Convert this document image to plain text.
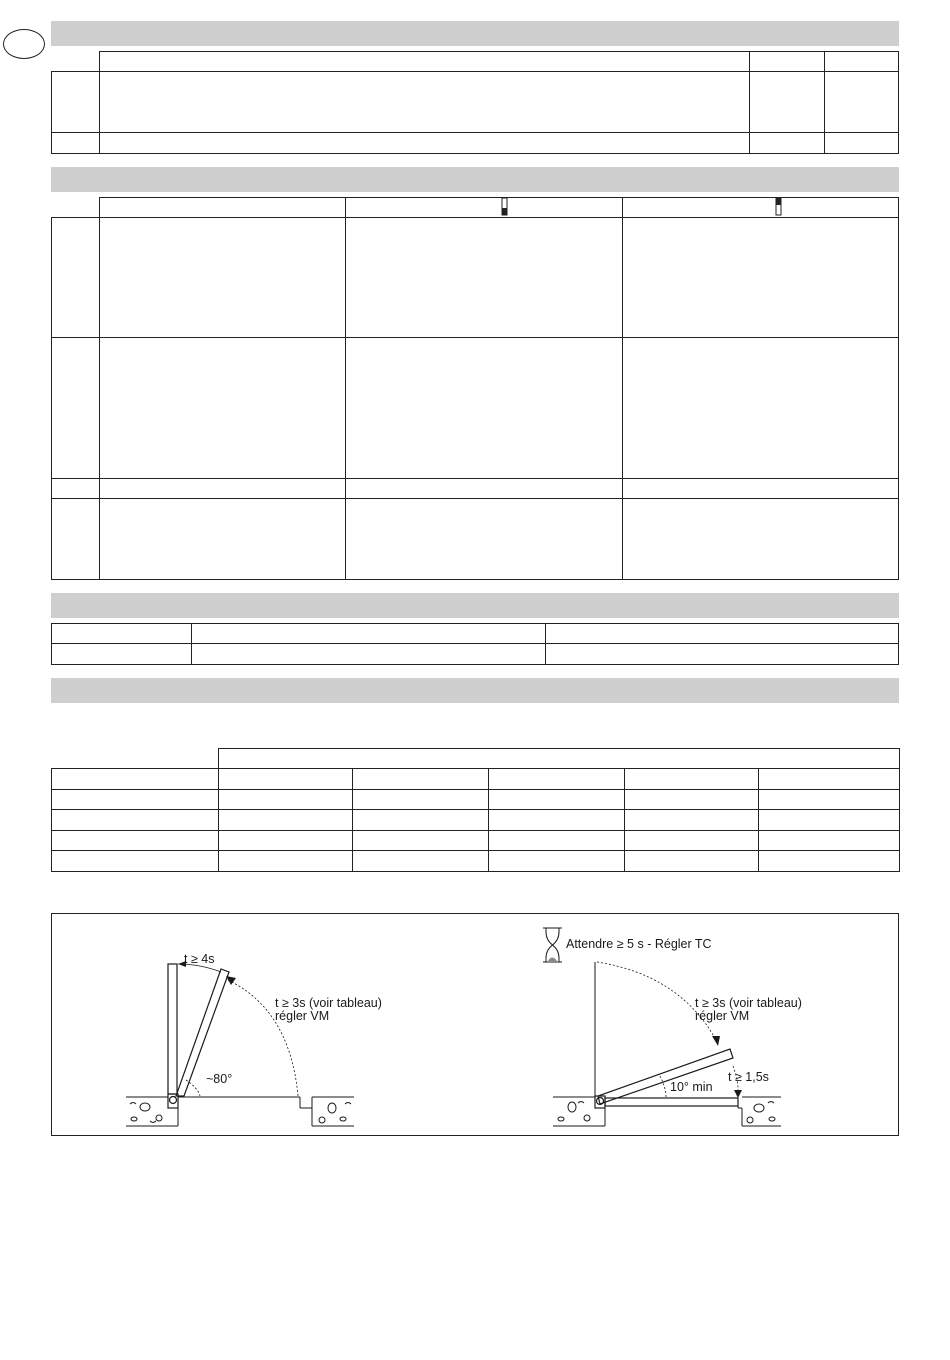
t ≥ 4s
t ≥ 3s (voir tableau)
régler VM
~80°
Attendre ≥ 5 s - Régler TC
t ≥ 3s (voir tableau)
régler VM
10° min
t ≥ 1,5s
